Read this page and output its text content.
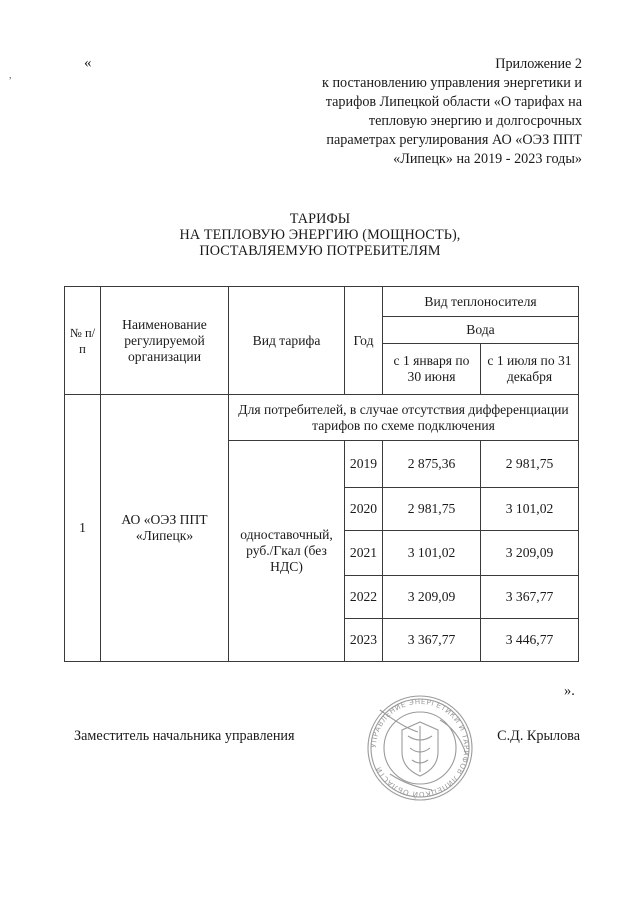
«
,
Приложение 2
к постановлению управления энергетики и
тарифов Липецкой области «О тарифах на
тепловую энергию и долгосрочных
параметрах регулирования АО «ОЭЗ ППТ
«Липецк» на 2019 - 2023 годы»
ТАРИФЫ
НА ТЕПЛОВУЮ ЭНЕРГИЮ (МОЩНОСТЬ),
ПОСТАВЛЯЕМУЮ ПОТРЕБИТЕЛЯМ
№ п/п	Наименование регулируемой организации	Вид тарифа	Год	Вид теплоносителя	
				Вода	
				с 1 января по 30 июня	с 1 июля по 31 декабря
1	АО «ОЭЗ ППТ «Липецк»	Для потребителей, в случае отсутствия дифференциации тарифов по схеме подключения			
		одноставочный, руб./Гкал (без НДС)	2019	2 875,36	2 981,75
			2020	2 981,75	3 101,02
			2021	3 101,02	3 209,09
			2022	3 209,09	3 367,77
			2023	3 367,77	3 446,77
».
УПРАВЛЕНИЕ ЭНЕРГЕТИКИ И ТАРИФОВ ЛИПЕЦКОЙ ОБЛАСТИ
Заместитель начальника управления	С.Д. Крылова
